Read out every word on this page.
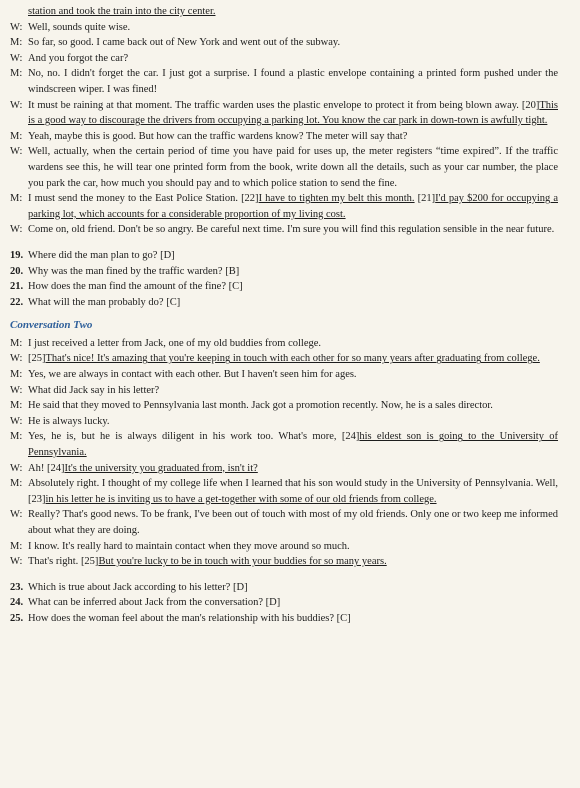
station and took the train into the city center.
W: Well, sounds quite wise.
M: So far, so good. I came back out of New York and went out of the subway.
W: And you forgot the car?
M: No, no. I didn't forget the car. I just got a surprise. I found a plastic envelope containing a printed form pushed under the windscreen wiper. I was fined!
W: It must be raining at that moment. The traffic warden uses the plastic envelope to protect it from being blown away. [20]This is a good way to discourage the drivers from occupying a parking lot. You know the car park in down-town is awfully tight.
M: Yeah, maybe this is good. But how can the traffic wardens know? The meter will say that?
W: Well, actually, when the certain period of time you have paid for uses up, the meter registers “time expired”. If the traffic wardens see this, he will tear one printed form from the book, write down all the details, such as your car number, the place you park the car, how much you should pay and to which police station to send the fine.
M: I must send the money to the East Police Station. [22]I have to tighten my belt this month. [21]I'd pay $200 for occupying a parking lot, which accounts for a considerable proportion of my living cost.
W: Come on, old friend. Don't be so angry. Be careful next time. I'm sure you will find this regulation sensible in the near future.
19. Where did the man plan to go? [D]
20. Why was the man fined by the traffic warden? [B]
21. How does the man find the amount of the fine? [C]
22. What will the man probably do? [C]
Conversation Two
M: I just received a letter from Jack, one of my old buddies from college.
W: [25]That's nice! It's amazing that you're keeping in touch with each other for so many years after graduating from college.
M: Yes, we are always in contact with each other. But I haven't seen him for ages.
W: What did Jack say in his letter?
M: He said that they moved to Pennsylvania last month. Jack got a promotion recently. Now, he is a sales director.
W: He is always lucky.
M: Yes, he is, but he is always diligent in his work too. What's more, [24]his eldest son is going to the University of Pennsylvania.
W: Ah! [24]It's the university you graduated from, isn't it?
M: Absolutely right. I thought of my college life when I learned that his son would study in the University of Pennsylvania. Well, [23]in his letter he is inviting us to have a get-together with some of our old friends from college.
W: Really? That's good news. To be frank, I've been out of touch with most of my old friends. Only one or two keep me informed about what they are doing.
M: I know. It's really hard to maintain contact when they move around so much.
W: That's right. [25]But you're lucky to be in touch with your buddies for so many years.
23. Which is true about Jack according to his letter? [D]
24. What can be inferred about Jack from the conversation? [D]
25. How does the woman feel about the man's relationship with his buddies? [C]
